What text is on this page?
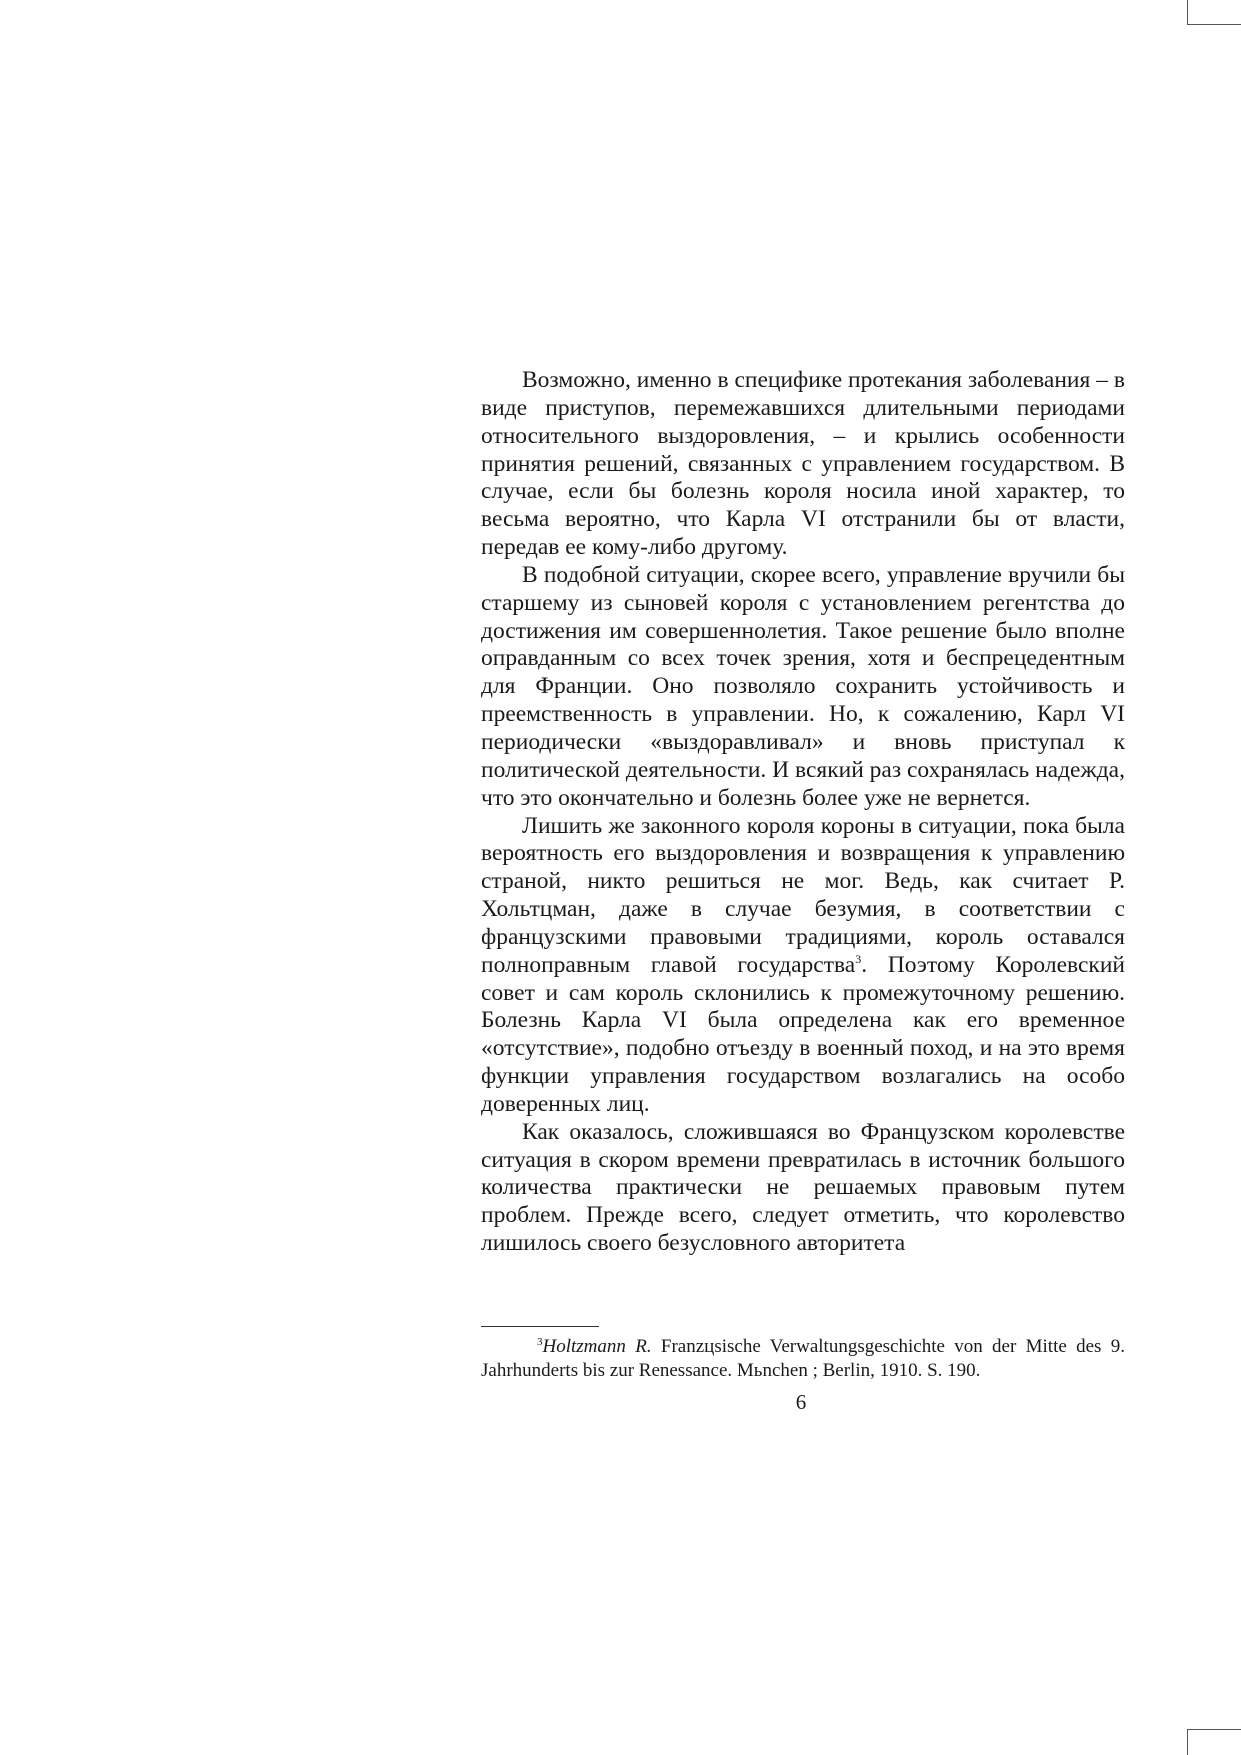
Возможно, именно в специфике протекания заболевания – в виде приступов, перемежавшихся длительными периодами относительного выздоровления, – и крылись особенности принятия решений, связанных с управлением государством. В случае, если бы болезнь короля носила иной характер, то весьма вероятно, что Карла VI отстранили бы от власти, передав ее кому-либо другому.

В подобной ситуации, скорее всего, управление вручили бы старшему из сыновей короля с установлением регентства до достижения им совершеннолетия. Такое решение было вполне оправданным со всех точек зрения, хотя и беспрецедентным для Франции. Оно позволяло сохранить устойчивость и преемственность в управлении. Но, к сожалению, Карл VI периодически «выздоравливал» и вновь приступал к политической деятельности. И всякий раз сохранялась надежда, что это окончательно и болезнь более уже не вернется.

Лишить же законного короля короны в ситуации, пока была вероятность его выздоровления и возвращения к управлению страной, никто решиться не мог. Ведь, как считает Р. Хольтцман, даже в случае безумия, в соответствии с французскими правовыми традициями, король оставался полноправным главой государства$^3$. Поэтому Королевский совет и сам король склонились к промежуточному решению. Болезнь Карла VI была определена как его временное «отсутствие», подобно отъезду в военный поход, и на это время функции управления государством возлагались на особо доверенных лиц.

Как оказалось, сложившаяся во Французском королевстве ситуация в скором времени превратилась в источник большого количества практически не решаемых правовым путем проблем. Прежде всего, следует отметить, что королевство лишилось своего безусловного авторитета

$^3$Holtzmann R. Franzцsische Verwaltungsgeschichte von der Mitte des 9. Jahrhunderts bis zur Renessance. Mьnchen ; Berlin, 1910. S. 190.

6
